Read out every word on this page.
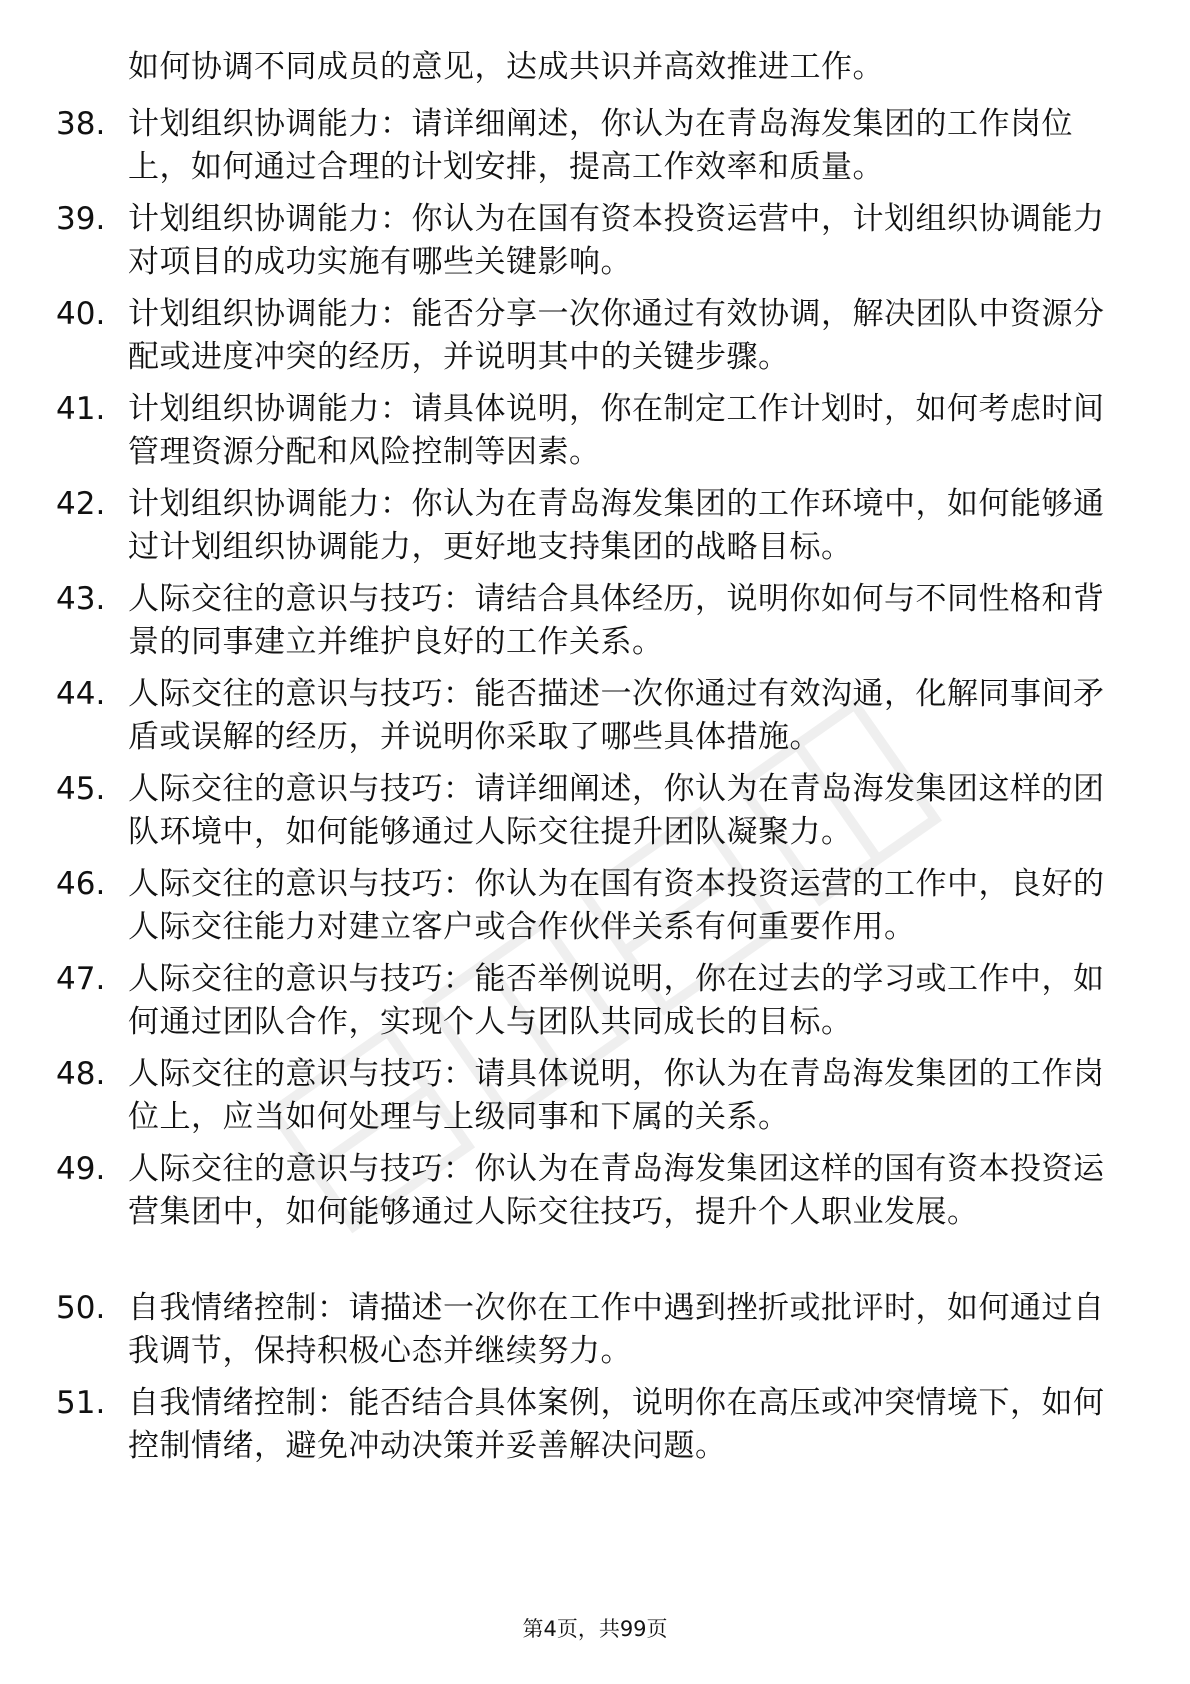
如何协调不同成员的意见，达成共识并高效推进工作。
38. 计划组织协调能力：请详细阐述，你认为在青岛海发集团的工作岗位上，如何通过合理的计划安排，提高工作效率和质量。
39. 计划组织协调能力：你认为在国有资本投资运营中，计划组织协调能力对项目的成功实施有哪些关键影响。
40. 计划组织协调能力：能否分享一次你通过有效协调，解决团队中资源分配或进度冲突的经历，并说明其中的关键步骤。
41. 计划组织协调能力：请具体说明，你在制定工作计划时，如何考虑时间管理资源分配和风险控制等因素。
42. 计划组织协调能力：你认为在青岛海发集团的工作环境中，如何能够通过计划组织协调能力，更好地支持集团的战略目标。
43. 人际交往的意识与技巧：请结合具体经历，说明你如何与不同性格和背景的同事建立并维护良好的工作关系。
44. 人际交往的意识与技巧：能否描述一次你通过有效沟通，化解同事间矛盾或误解的经历，并说明你采取了哪些具体措施。
45. 人际交往的意识与技巧：请详细阐述，你认为在青岛海发集团这样的团队环境中，如何能够通过人际交往提升团队凝聚力。
46. 人际交往的意识与技巧：你认为在国有资本投资运营的工作中，良好的人际交往能力对建立客户或合作伙伴关系有何重要作用。
47. 人际交往的意识与技巧：能否举例说明，你在过去的学习或工作中，如何通过团队合作，实现个人与团队共同成长的目标。
48. 人际交往的意识与技巧：请具体说明，你认为在青岛海发集团的工作岗位上，应当如何处理与上级同事和下属的关系。
49. 人际交往的意识与技巧：你认为在青岛海发集团这样的国有资本投资运营集团中，如何能够通过人际交往技巧，提升个人职业发展。
50. 自我情绪控制：请描述一次你在工作中遇到挫折或批评时，如何通过自我调节，保持积极心态并继续努力。
51. 自我情绪控制：能否结合具体案例，说明你在高压或冲突情境下，如何控制情绪，避免冲动决策并妥善解决问题。
第4页，共99页
